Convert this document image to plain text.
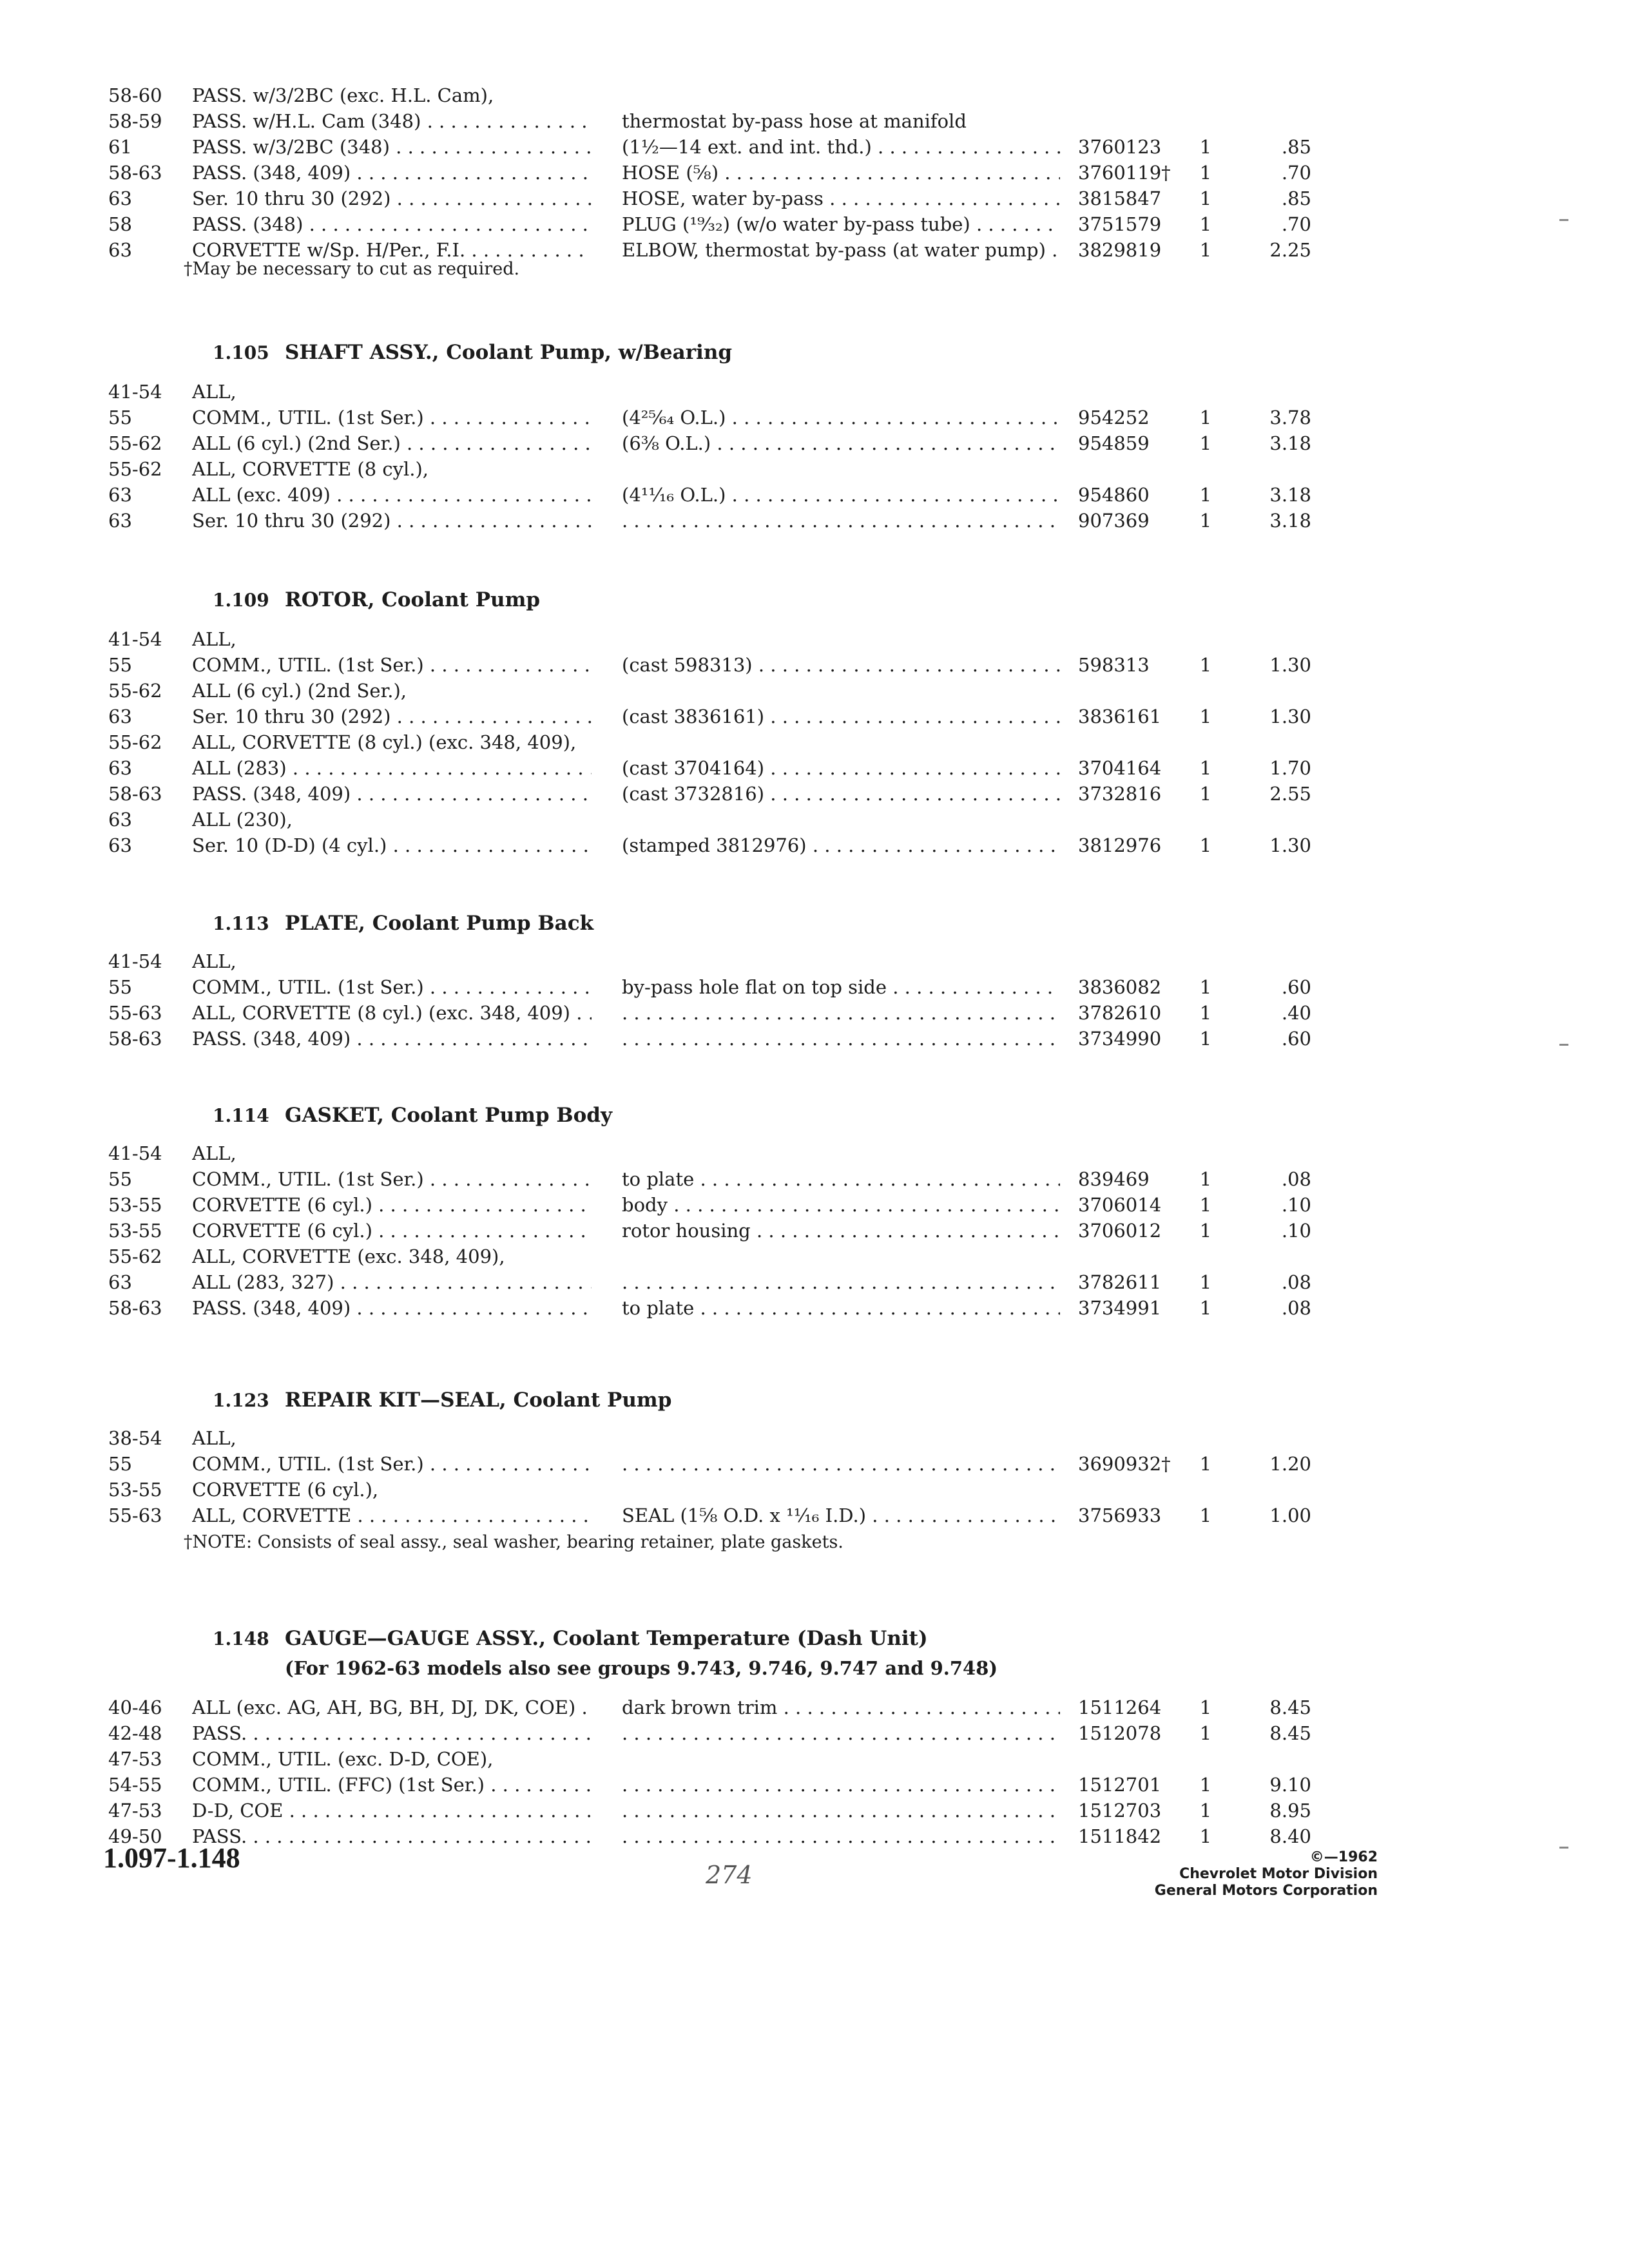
58-60	PASS. w/3/2BC (exc. H.L. Cam),
58-59	PASS. w/H.L. Cam (348) . . .	thermostat by-pass hose at manifold
61	PASS. w/3/2BC (348) . . .	(1½—14 ext. and int. thd.) . . .	3760123	1	.85
58-63	PASS. (348, 409) . . .	HOSE (⅝) . . .	3760119†	1	.70
63	Ser. 10 thru 30 (292) . . .	HOSE, water by-pass . . .	3815847	1	.85
58	PASS. (348) . . .	PLUG (¹⁹⁄₃₂) (w/o water by-pass tube) . . .	3751579	1	.70
63	CORVETTE w/Sp. H/Per., F.I. . . .	ELBOW, thermostat by-pass (at water pump) . . .	3829819	1	2.25
†May be necessary to cut as required.
1.105 SHAFT ASSY., Coolant Pump, w/Bearing
41-54	ALL,
55	COMM., UTIL. (1st Ser.) . . .	(4²⁵⁄₆₄ O.L.) . . .	954252	1	3.78
55-62	ALL (6 cyl.) (2nd Ser.) . . .	(6⅜ O.L.) . . .	954859	1	3.18
55-62	ALL, CORVETTE (8 cyl.),
63	ALL (exc. 409) . . .	(4¹¹⁄₁₆ O.L.) . . .	954860	1	3.18
63	Ser. 10 thru 30 (292) . . . . . .	907369	1	3.18
1.109 ROTOR, Coolant Pump
41-54	ALL,
55	COMM., UTIL. (1st Ser.) . . .	(cast 598313) . . .	598313	1	1.30
55-62	ALL (6 cyl.) (2nd Ser.),
63	Ser. 10 thru 30 (292) . . .	(cast 3836161) . . .	3836161	1	1.30
55-62	ALL, CORVETTE (8 cyl.) (exc. 348, 409),
63	ALL (283) . . .	(cast 3704164) . . .	3704164	1	1.70
58-63	PASS. (348, 409) . . .	(cast 3732816) . . .	3732816	1	2.55
63	ALL (230),
63	Ser. 10 (D-D) (4 cyl.) . . .	(stamped 3812976) . . .	3812976	1	1.30
1.113 PLATE, Coolant Pump Back
41-54	ALL,
55	COMM., UTIL. (1st Ser.) . . .	by-pass hole flat on top side . . .	3836082	1	.60
55-63	ALL, CORVETTE (8 cyl.) (exc. 348, 409) . . . . . .	3782610	1	.40
58-63	PASS. (348, 409) . . . . . .	3734990	1	.60
1.114 GASKET, Coolant Pump Body
41-54	ALL,
55	COMM., UTIL. (1st Ser.) . . .	to plate . . .	839469	1	.08
53-55	CORVETTE (6 cyl.) . . .	body . . .	3706014	1	.10
53-55	CORVETTE (6 cyl.) . . .	rotor housing . . .	3706012	1	.10
55-62	ALL, CORVETTE (exc. 348, 409),
63	ALL (283, 327) . . . . . .	3782611	1	.08
58-63	PASS. (348, 409) . . .	to plate . . .	3734991	1	.08
1.123 REPAIR KIT—SEAL, Coolant Pump
38-54	ALL,
55	COMM., UTIL. (1st Ser.) . . . . . .	3690932†	1	1.20
53-55	CORVETTE (6 cyl.),
55-63	ALL, CORVETTE . . .	SEAL (1⅝ O.D. x ¹¹⁄₁₆ I.D.) . . .	3756933	1	1.00
†NOTE: Consists of seal assy., seal washer, bearing retainer, plate gaskets.
1.148 GAUGE—GAUGE ASSY., Coolant Temperature (Dash Unit)
(For 1962-63 models also see groups 9.743, 9.746, 9.747 and 9.748)
40-46	ALL (exc. AG, AH, BG, BH, DJ, DK, COE) . . .	dark brown trim . . .	1511264	1	8.45
42-48	PASS. . . . . . .	1512078	1	8.45
47-53	COMM., UTIL. (exc. D-D, COE),
54-55	COMM., UTIL. (FFC) (1st Ser.) . . . . . .	1512701	1	9.10
47-53	D-D, COE . . . . . .	1512703	1	8.95
49-50	PASS. . . . . . .	1511842	1	8.40
1.097-1.148
274
©—1962
Chevrolet Motor Division
General Motors Corporation
